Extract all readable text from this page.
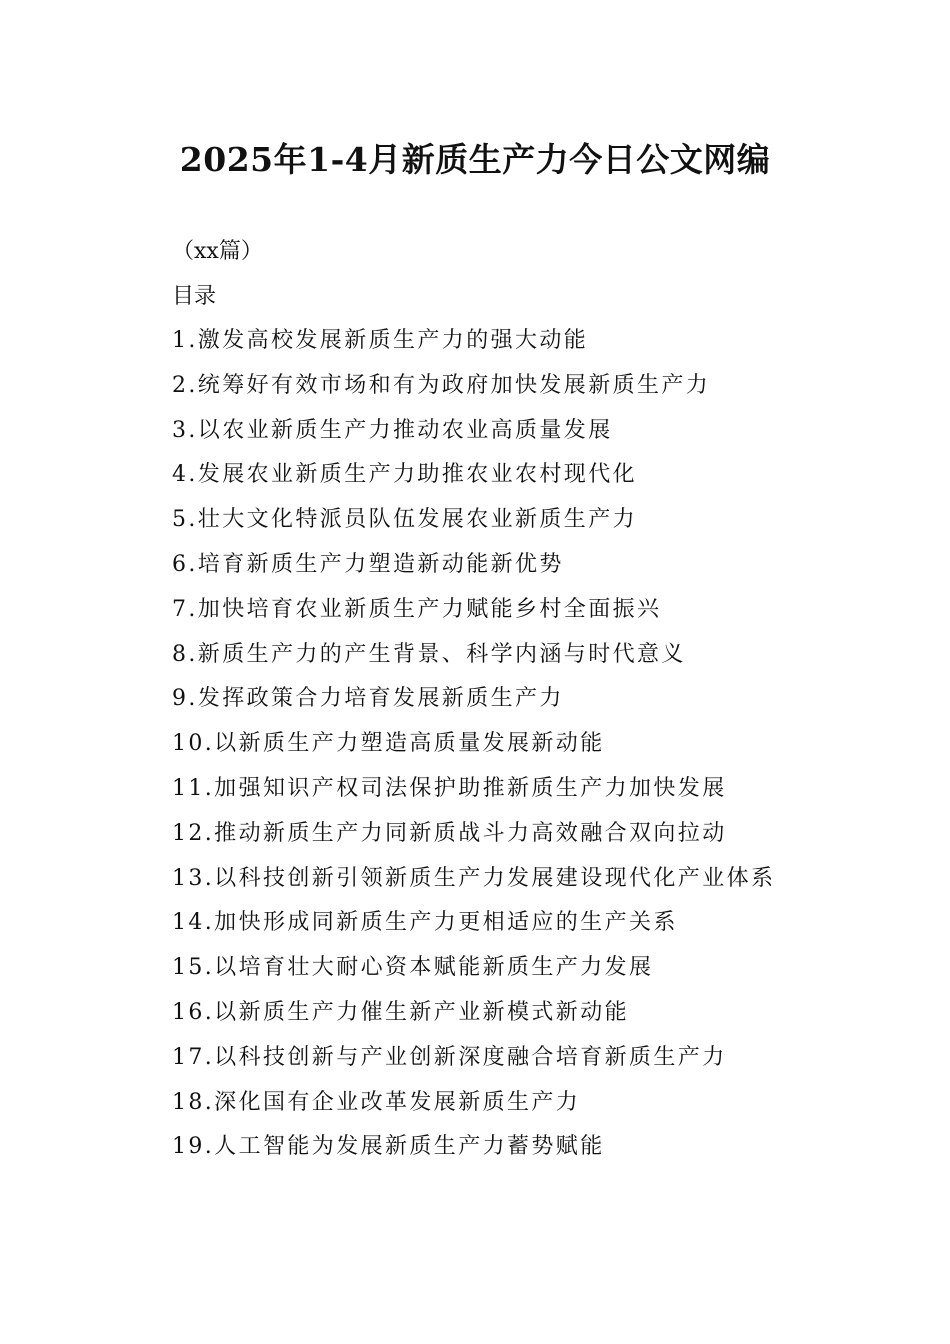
2025年1-4月新质生产力今日公文网编
（xx篇）
目录
1.激发高校发展新质生产力的强大动能
2.统筹好有效市场和有为政府加快发展新质生产力
3.以农业新质生产力推动农业高质量发展
4.发展农业新质生产力助推农业农村现代化
5.壮大文化特派员队伍发展农业新质生产力
6.培育新质生产力塑造新动能新优势
7.加快培育农业新质生产力赋能乡村全面振兴
8.新质生产力的产生背景、科学内涵与时代意义
9.发挥政策合力培育发展新质生产力
10.以新质生产力塑造高质量发展新动能
11.加强知识产权司法保护助推新质生产力加快发展
12.推动新质生产力同新质战斗力高效融合双向拉动
13.以科技创新引领新质生产力发展建设现代化产业体系
14.加快形成同新质生产力更相适应的生产关系
15.以培育壮大耐心资本赋能新质生产力发展
16.以新质生产力催生新产业新模式新动能
17.以科技创新与产业创新深度融合培育新质生产力
18.深化国有企业改革发展新质生产力
19.人工智能为发展新质生产力蓄势赋能
